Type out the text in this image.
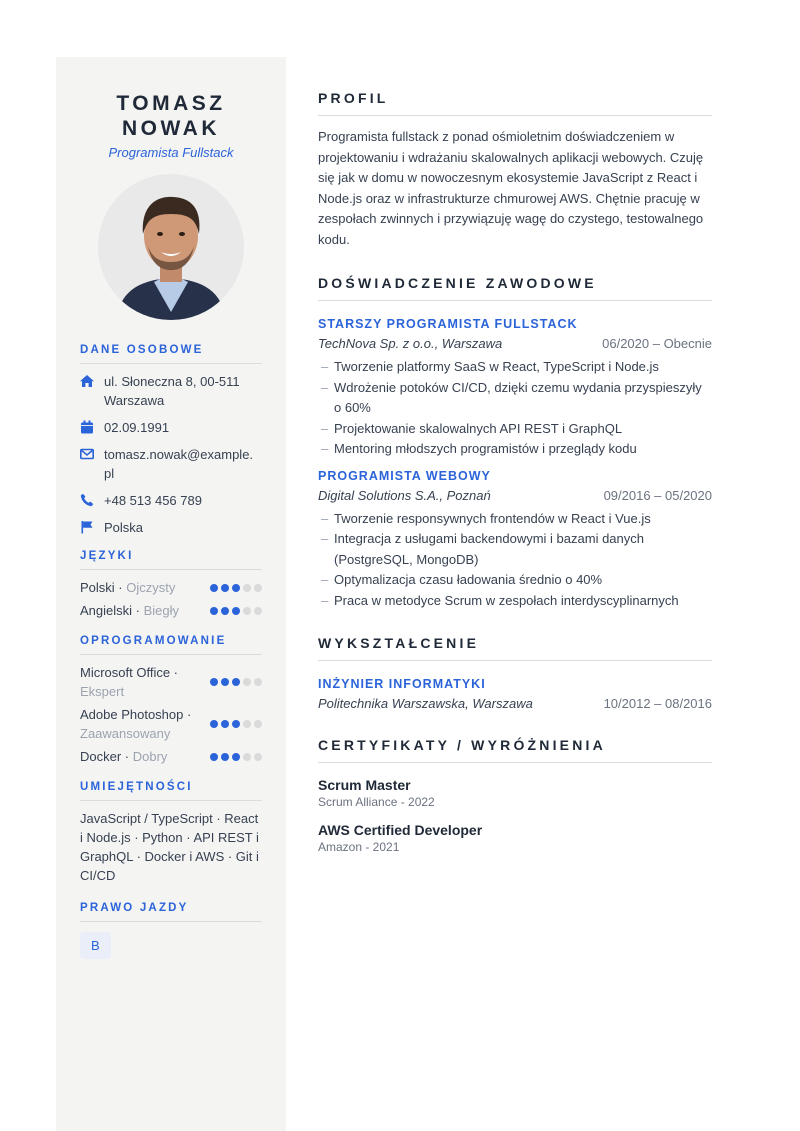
TOMASZ
NOWAK
Programista Fullstack
DANE OSOBOWE
ul. Słoneczna 8, 00-511
Warszawa
02.09.1991
tomasz.nowak@example.
pl
+48 513 456 789
Polska
JĘZYKI
Polski · Ojczysty
Angielski · Biegły
OPROGRAMOWANIE
Microsoft Office · Ekspert
Adobe Photoshop · Zaawansowany
Docker · Dobry
UMIEJĘTNOŚCI
JavaScript / TypeScript · React i Node.js · Python · API REST i GraphQL · Docker i AWS · Git i CI/CD
PRAWO JAZDY
B
PROFIL

Programista fullstack z ponad ośmioletnim doświadczeniem w projektowaniu i wdrażaniu skalowalnych aplikacji webowych. Czuję się jak w domu w nowoczesnym ekosystemie JavaScript z React i Node.js oraz w infrastrukturze chmurowej AWS. Chętnie pracuję w zespołach zwinnych i przywiązuję wagę do czystego, testowalnego kodu.

DOŚWIADCZENIE ZAWODOWE
STARSZY PROGRAMISTA FULLSTACK
TechNova Sp. z o.o., Warszawa	06/2020 – Obecnie
– Tworzenie platformy SaaS w React, TypeScript i Node.js
– Wdrożenie potoków CI/CD, dzięki czemu wydania przyspieszyły o 60%
– Projektowanie skalowalnych API REST i GraphQL
– Mentoring młodszych programistów i przeglądy kodu
PROGRAMISTA WEBOWY
Digital Solutions S.A., Poznań	09/2016 – 05/2020
– Tworzenie responsywnych frontendów w React i Vue.js
– Integracja z usługami backendowymi i bazami danych (PostgreSQL, MongoDB)
– Optymalizacja czasu ładowania średnio o 40%
– Praca w metodyce Scrum w zespołach interdyscyplinarnych
WYKSZTAŁCENIE
INŻYNIER INFORMATYKI
Politechnika Warszawska, Warszawa	10/2012 – 08/2016
CERTYFIKATY / WYRÓŻNIENIA
Scrum Master
Scrum Alliance - 2022
AWS Certified Developer
Amazon - 2021
